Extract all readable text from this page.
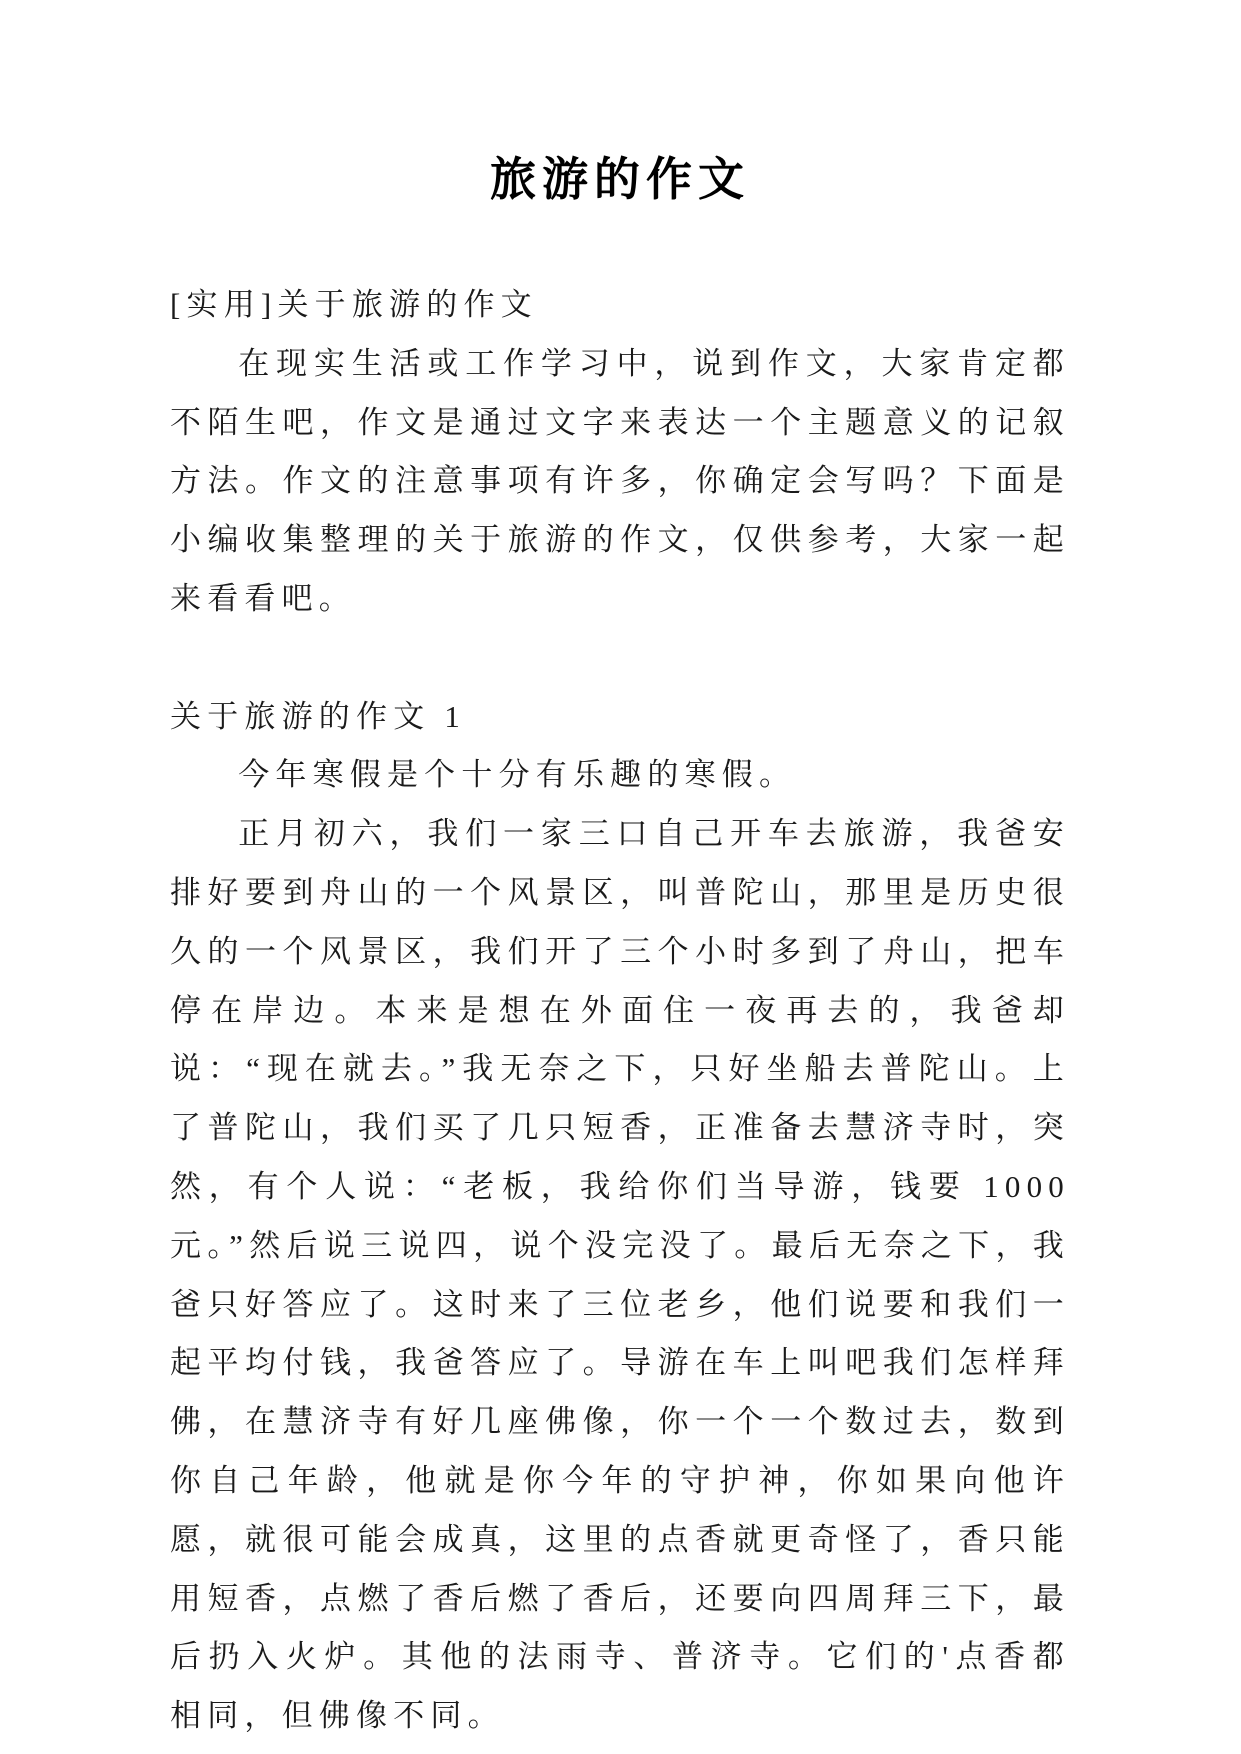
旅游的作文

[实用]关于旅游的作文

在现实生活或工作学习中，说到作文，大家肯定都不陌生吧，作文是通过文字来表达一个主题意义的记叙方法。作文的注意事项有许多，你确定会写吗？下面是小编收集整理的关于旅游的作文，仅供参考，大家一起来看看吧。

关于旅游的作文 1

今年寒假是个十分有乐趣的寒假。

正月初六，我们一家三口自己开车去旅游，我爸安排好要到舟山的一个风景区，叫普陀山，那里是历史很久的一个风景区，我们开了三个小时多到了舟山，把车停在岸边。本来是想在外面住一夜再去的，我爸却说：“现在就去。”我无奈之下，只好坐船去普陀山。上了普陀山，我们买了几只短香，正准备去慧济寺时，突然，有个人说：“老板，我给你们当导游，钱要 1000 元。”然后说三说四，说个没完没了。最后无奈之下，我爸只好答应了。这时来了三位老乡，他们说要和我们一起平均付钱，我爸答应了。导游在车上叫吧我们怎样拜佛，在慧济寺有好几座佛像，你一个一个数过去，数到你自己年龄，他就是你今年的守护神，你如果向他许愿，就很可能会成真，这里的点香就更奇怪了，香只能用短香，点燃了香后燃了香后，还要向四周拜三下，最后扔入火炉。其他的法雨寺、普济寺。它们的'点香都相同，但佛像不同。
